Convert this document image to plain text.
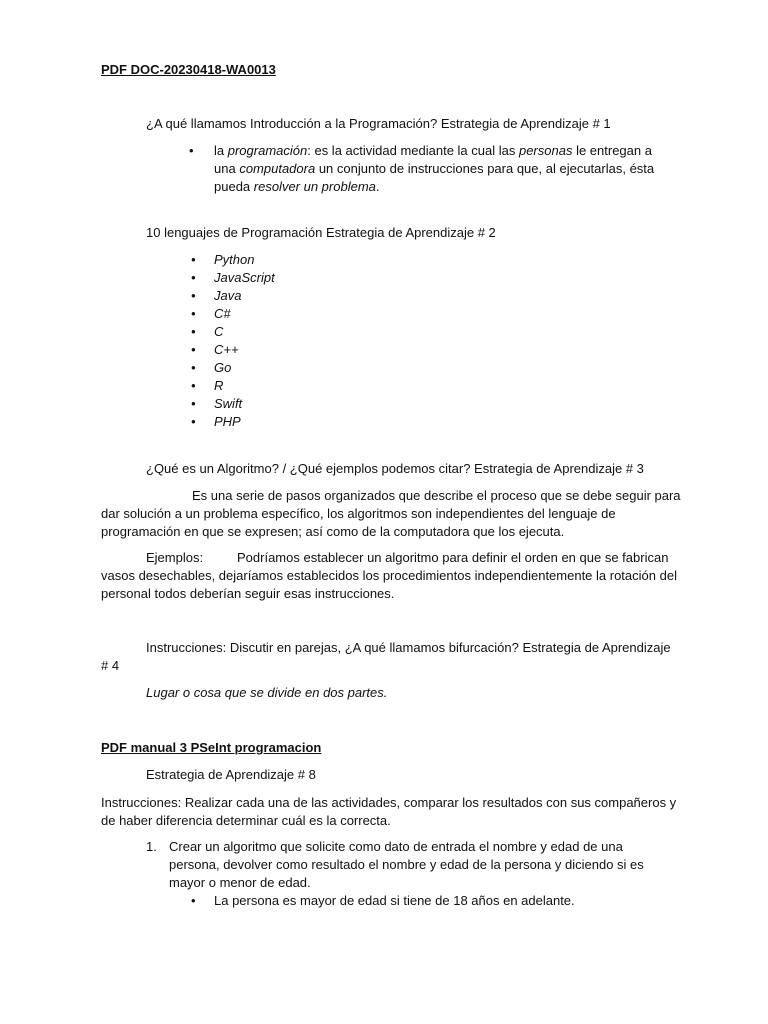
PDF DOC-20230418-WA0013
¿A qué llamamos Introducción a la Programación? Estrategia de Aprendizaje # 1
• la programación: es la actividad mediante la cual las personas le entregan a
una computadora un conjunto de instrucciones para que, al ejecutarlas, ésta
pueda resolver un problema.
10 lenguajes de Programación Estrategia de Aprendizaje # 2
• Python
• JavaScript
• Java
• C#
• C
• C++
• Go
• R
• Swift
• PHP
¿Qué es un Algoritmo? / ¿Qué ejemplos podemos citar? Estrategia de Aprendizaje # 3
Es una serie de pasos organizados que describe el proceso que se debe seguir para
dar solución a un problema específico, los algoritmos son independientes del lenguaje de
programación en que se expresen; así como de la computadora que los ejecuta.
Ejemplos:	Podríamos establecer un algoritmo para definir el orden en que se fabrican
vasos desechables, dejaríamos establecidos los procedimientos independientemente la rotación del
personal todos deberían seguir esas instrucciones.
Instrucciones: Discutir en parejas, ¿A qué llamamos bifurcación? Estrategia de Aprendizaje
# 4
Lugar o cosa que se divide en dos partes.
PDF manual 3 PSeInt programacion
Estrategia de Aprendizaje # 8
Instrucciones: Realizar cada una de las actividades, comparar los resultados con sus compañeros y
de haber diferencia determinar cuál es la correcta.
1. Crear un algoritmo que solicite como dato de entrada el nombre y edad de una
persona, devolver como resultado el nombre y edad de la persona y diciendo si es
mayor o menor de edad.
• La persona es mayor de edad si tiene de 18 años en adelante.
